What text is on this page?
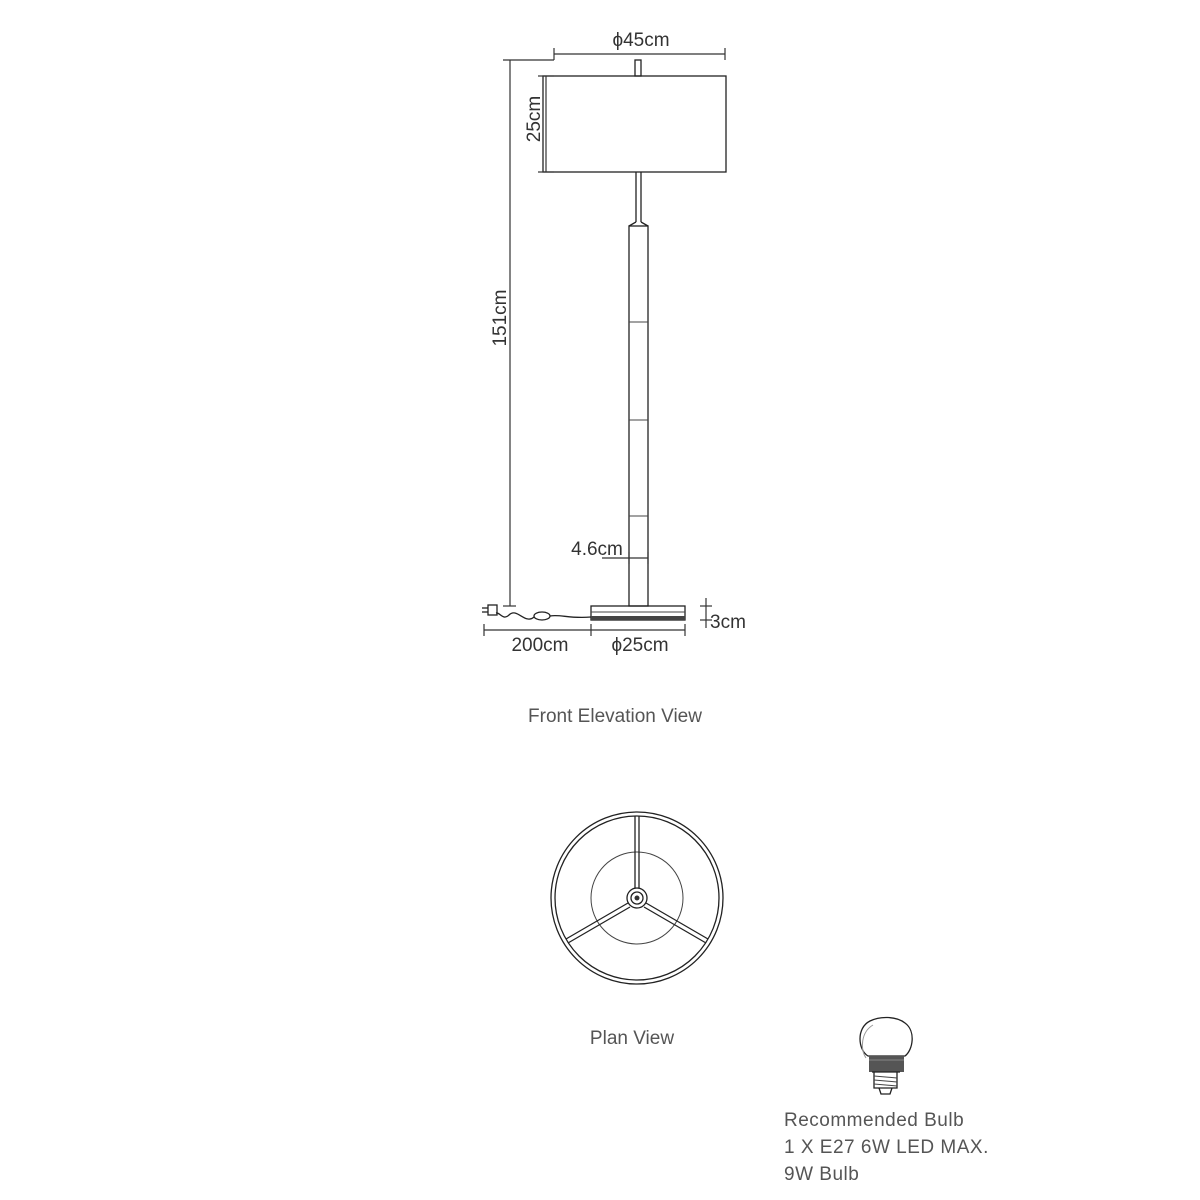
ϕ45cm
25cm
151cm
4.6cm
3cm
200cm ϕ25cm
Front Elevation View
Plan View
Recommended Bulb
1 X E27 6W LED MAX.
9W Bulb
